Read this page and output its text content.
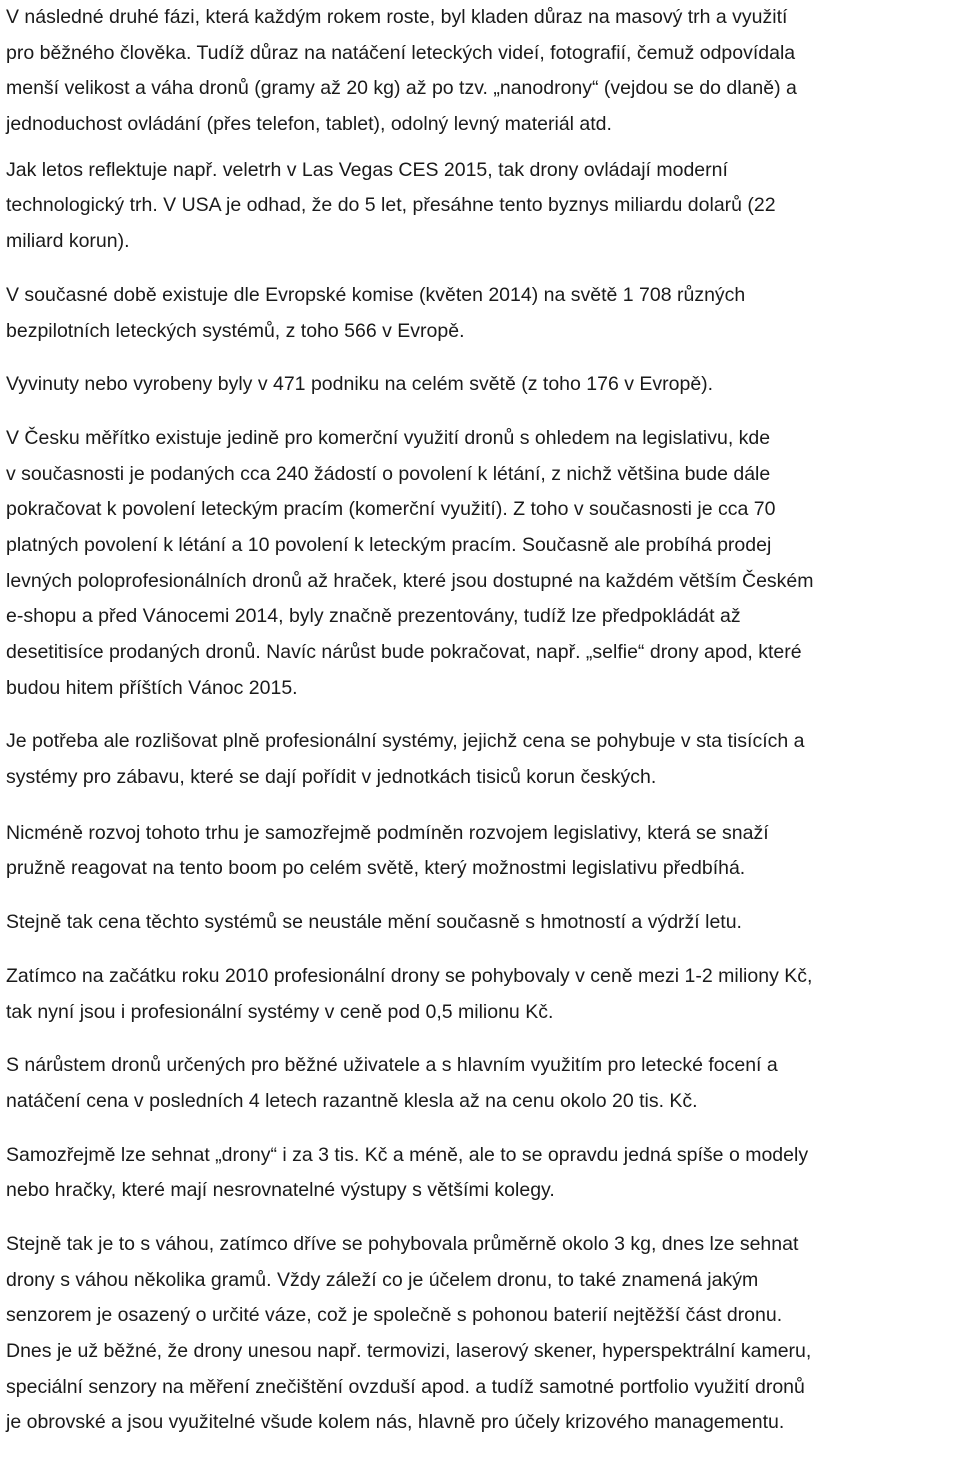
V následné druhé fázi, která každým rokem roste, byl kladen důraz na masový trh a využití
pro běžného člověka. Tudíž důraz na natáčení leteckých videí, fotografií, čemuž odpovídala
menší velikost a váha dronů (gramy až 20 kg) až po tzv. „nanodrony“ (vejdou se do dlaně) a
jednoduchost ovládání (přes telefon, tablet), odolný levný materiál atd.
Jak letos reflektuje např. veletrh v Las Vegas CES 2015, tak drony ovládají moderní
technologický trh. V USA je odhad, že do 5 let, přesáhne tento byznys miliardu dolarů (22
miliard korun).
V současné době existuje dle Evropské komise (květen 2014) na světě 1 708 různých
bezpilotních leteckých systémů, z toho 566 v Evropě.
Vyvinuty nebo vyrobeny byly v 471 podniku na celém světě (z toho 176 v Evropě).
V Česku měřítko existuje jedině pro komerční využití dronů s ohledem na legislativu, kde
v současnosti je podaných cca 240 žádostí o povolení k létání, z nichž většina bude dále
pokračovat k povolení leteckým pracím (komerční využití). Z toho v současnosti je cca 70
platných povolení k létání a 10 povolení k leteckým pracím. Současně ale probíhá prodej
levných poloprofesionálních dronů až hraček, které jsou dostupné na každém větším Českém
e-shopu a před Vánocemi 2014, byly značně prezentovány, tudíž lze předpokládát až
desetitisíce prodaných dronů. Navíc nárůst bude pokračovat, např. „selfie“ drony apod, které
budou hitem příštích Vánoc 2015.
Je potřeba ale rozlišovat plně profesionální systémy, jejichž cena se pohybuje v sta tisících a
systémy pro zábavu, které se dají pořídit v jednotkách tisiců korun českých.
Nicméně rozvoj tohoto trhu je samozřejmě podmíněn rozvojem legislativy, která se snaží
pružně reagovat na tento boom po celém světě, který možnostmi legislativu předbíhá.
Stejně tak cena těchto systémů se neustále mění současně s hmotností a výdrží letu.
Zatímco na začátku roku 2010 profesionální drony se pohybovaly v ceně mezi 1-2 miliony Kč,
tak nyní jsou i profesionální systémy v ceně pod 0,5 milionu Kč.
S nárůstem dronů určených pro běžné uživatele a s hlavním využitím pro letecké focení a
natáčení cena v posledních 4 letech razantně klesla až na cenu okolo 20 tis. Kč.
Samozřejmě lze sehnat „drony“ i za 3 tis. Kč a méně, ale to se opravdu jedná spíše o modely
nebo hračky, které mají nesrovnatelné výstupy s většími kolegy.
Stejně tak je to s váhou, zatímco dříve se pohybovala průměrně okolo 3 kg, dnes lze sehnat
drony s váhou několika gramů. Vždy záleží co je účelem dronu, to také znamená jakým
senzorem je osazený o určité váze, což je společně s pohonou baterií nejtěžší část dronu.
Dnes je už běžné, že drony unesou např. termovizi, laserový skener, hyperspektrální kameru,
speciální senzory na měření znečištění ovzduší apod. a tudíž samotné portfolio využití dronů
je obrovské a jsou využitelné všude kolem nás, hlavně pro účely krizového managementu.
